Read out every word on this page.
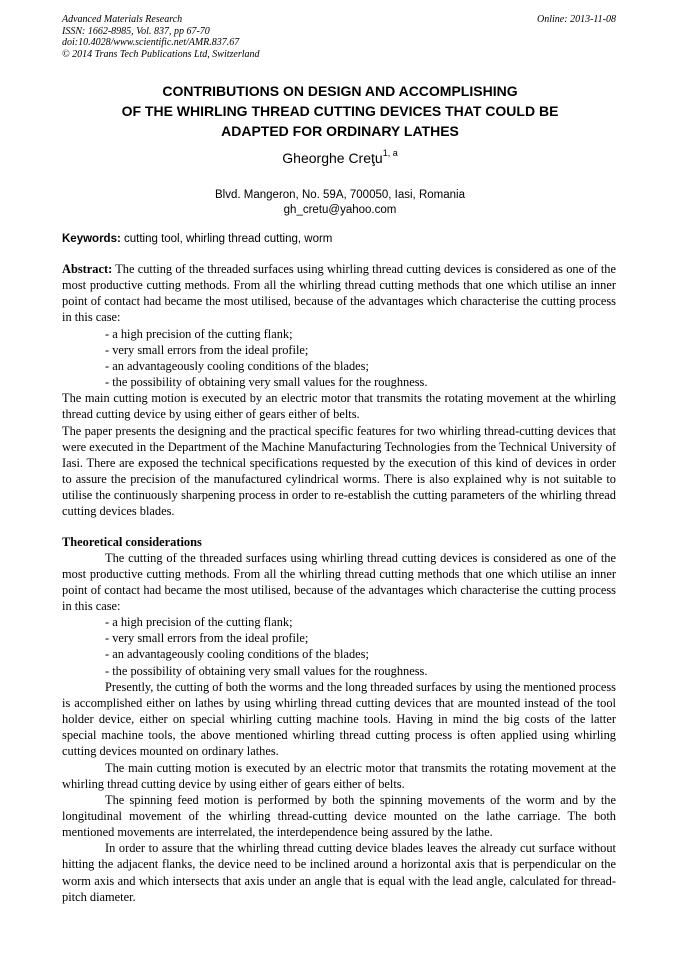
Advanced Materials Research
ISSN: 1662-8985, Vol. 837, pp 67-70
doi:10.4028/www.scientific.net/AMR.837.67
© 2014 Trans Tech Publications Ltd, Switzerland
Online: 2013-11-08
CONTRIBUTIONS ON DESIGN AND ACCOMPLISHING
OF THE WHIRLING THREAD CUTTING DEVICES THAT COULD BE
ADAPTED FOR ORDINARY LATHES
Gheorghe Creţu$^{1, a}$
Blvd. Mangeron, No. 59A, 700050, Iasi, Romania
gh_cretu@yahoo.com
Keywords: cutting tool, whirling thread cutting, worm

Abstract: The cutting of the threaded surfaces using whirling thread cutting devices is considered as one of the most productive cutting methods. From all the whirling thread cutting methods that one which utilise an inner point of contact had became the most utilised, because of the advantages which characterise the cutting process in this case:

- a high precision of the cutting flank;

- very small errors from the ideal profile;

- an advantageously cooling conditions of the blades;

- the possibility of obtaining very small values for the roughness.

The main cutting motion is executed by an electric motor that transmits the rotating movement at the whirling thread cutting device by using either of gears either of belts.

The paper presents the designing and the practical specific features for two whirling thread-cutting devices that were executed in the Department of the Machine Manufacturing Technologies from the Technical University of Iasi. There are exposed the technical specifications requested by the execution of this kind of devices in order to assure the precision of the manufactured cylindrical worms. There is also explained why is not suitable to utilise the continuously sharpening process in order to re-establish the cutting parameters of the whirling thread cutting devices blades.

Theoretical considerations

The cutting of the threaded surfaces using whirling thread cutting devices is considered as one of the most productive cutting methods. From all the whirling thread cutting methods that one which utilise an inner point of contact had became the most utilised, because of the advantages which characterise the cutting process in this case:

- a high precision of the cutting flank;

- very small errors from the ideal profile;

- an advantageously cooling conditions of the blades;

- the possibility of obtaining very small values for the roughness.

Presently, the cutting of both the worms and the long threaded surfaces by using the mentioned process is accomplished either on lathes by using whirling thread cutting devices that are mounted instead of the tool holder device, either on special whirling cutting machine tools. Having in mind the big costs of the latter special machine tools, the above mentioned whirling thread cutting process is often applied using whirling cutting devices mounted on ordinary lathes.

The main cutting motion is executed by an electric motor that transmits the rotating movement at the whirling thread cutting device by using either of gears either of belts.

The spinning feed motion is performed by both the spinning movements of the worm and by the longitudinal movement of the whirling thread-cutting device mounted on the lathe carriage. The both mentioned movements are interrelated, the interdependence being assured by the lathe.

In order to assure that the whirling thread cutting device blades leaves the already cut surface without hitting the adjacent flanks, the device need to be inclined around a horizontal axis that is perpendicular on the worm axis and which intersects that axis under an angle that is equal with the lead angle, calculated for thread-pitch diameter.
